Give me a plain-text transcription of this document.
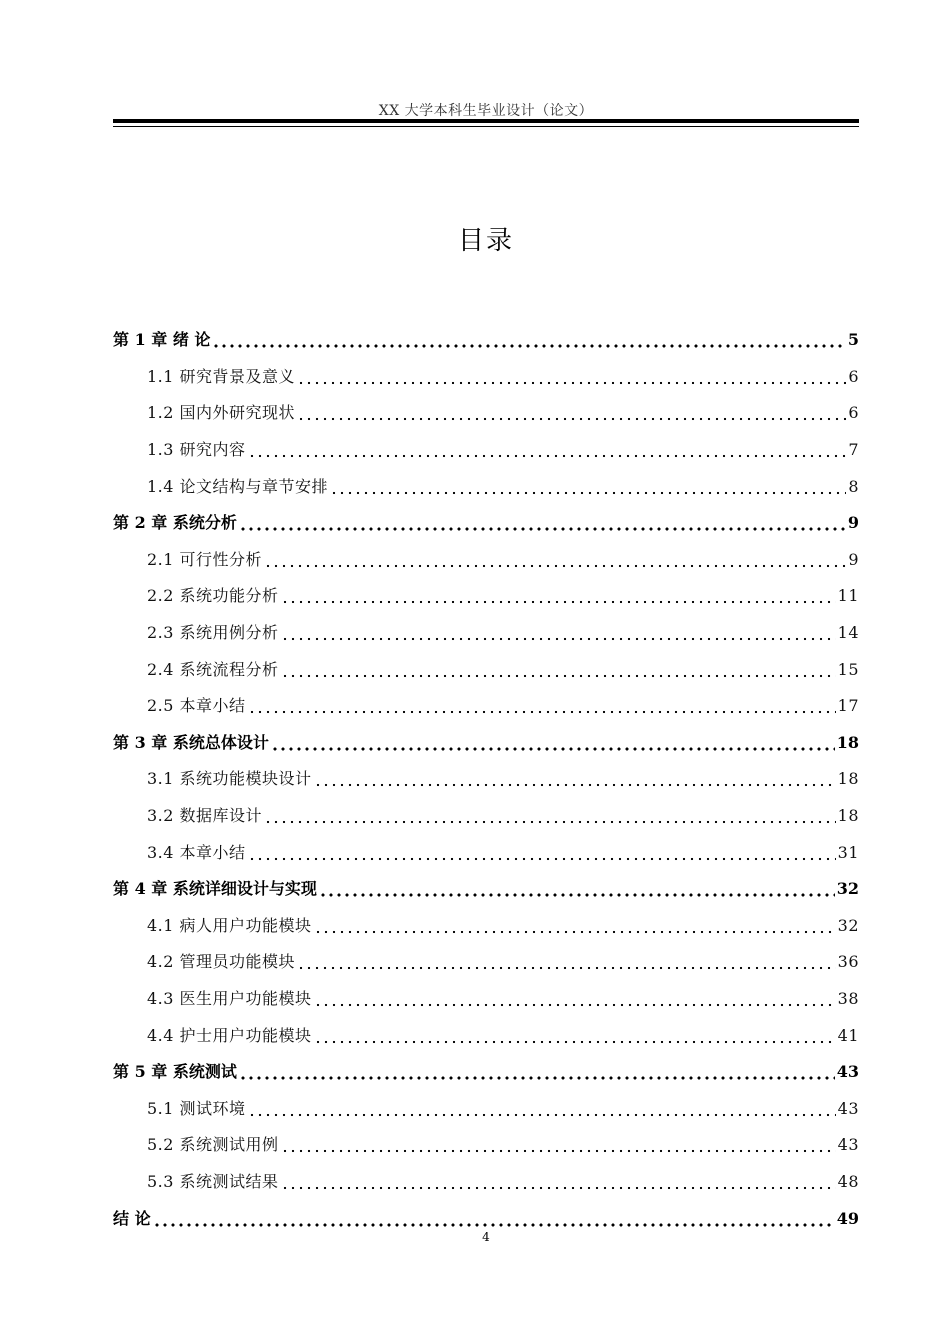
XX 大学本科生毕业设计（论文）
目录
第 1 章 绪 论	5
1.1 研究背景及意义	6
1.2 国内外研究现状	6
1.3 研究内容	7
1.4 论文结构与章节安排	8
第 2 章 系统分析	9
2.1 可行性分析	9
2.2 系统功能分析	11
2.3 系统用例分析	14
2.4 系统流程分析	15
2.5 本章小结	17
第 3 章 系统总体设计	18
3.1 系统功能模块设计	18
3.2 数据库设计	18
3.4 本章小结	31
第 4 章 系统详细设计与实现	32
4.1 病人用户功能模块	32
4.2 管理员功能模块	36
4.3 医生用户功能模块	38
4.4 护士用户功能模块	41
第 5 章 系统测试	43
5.1 测试环境	43
5.2 系统测试用例	43
5.3 系统测试结果	48
结 论	49
4
